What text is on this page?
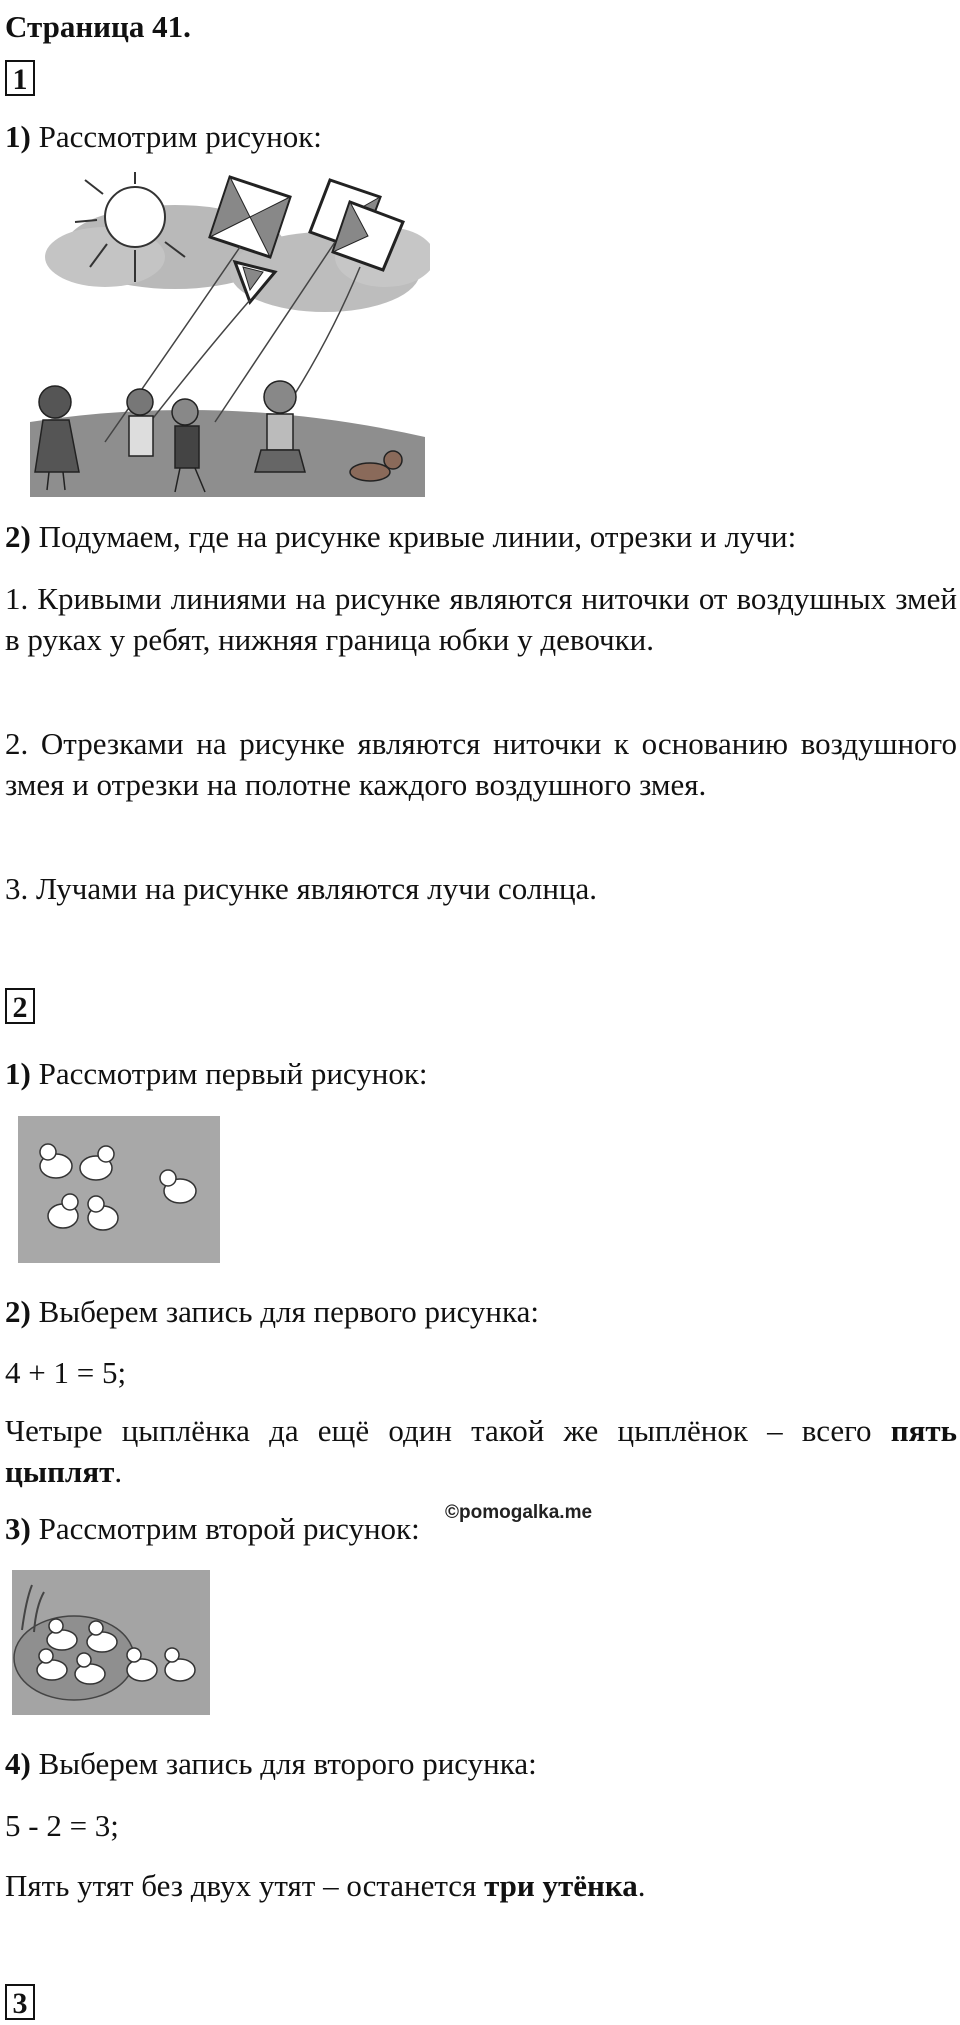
Страница 41.
1
1) Рассмотрим рисунок:
2) Подумаем, где на рисунке кривые линии, отрезки и лучи:
1. Кривыми линиями на рисунке являются ниточки от воздушных змей в руках у ребят, нижняя граница юбки у девочки.
2. Отрезками на рисунке являются ниточки к основанию воздушного змея и отрезки на полотне каждого воздушного змея.
3. Лучами на рисунке являются лучи солнца.
2
1) Рассмотрим первый рисунок:
2) Выберем запись для первого рисунка:
4 + 1 = 5;
Четыре цыплёнка да ещё один такой же цыплёнок – всего пять цыплят.
©pomogalka.me
3) Рассмотрим второй рисунок:
4) Выберем запись для второго рисунка:
5 - 2 = 3;
Пять утят без двух утят – останется три утёнка.
3
